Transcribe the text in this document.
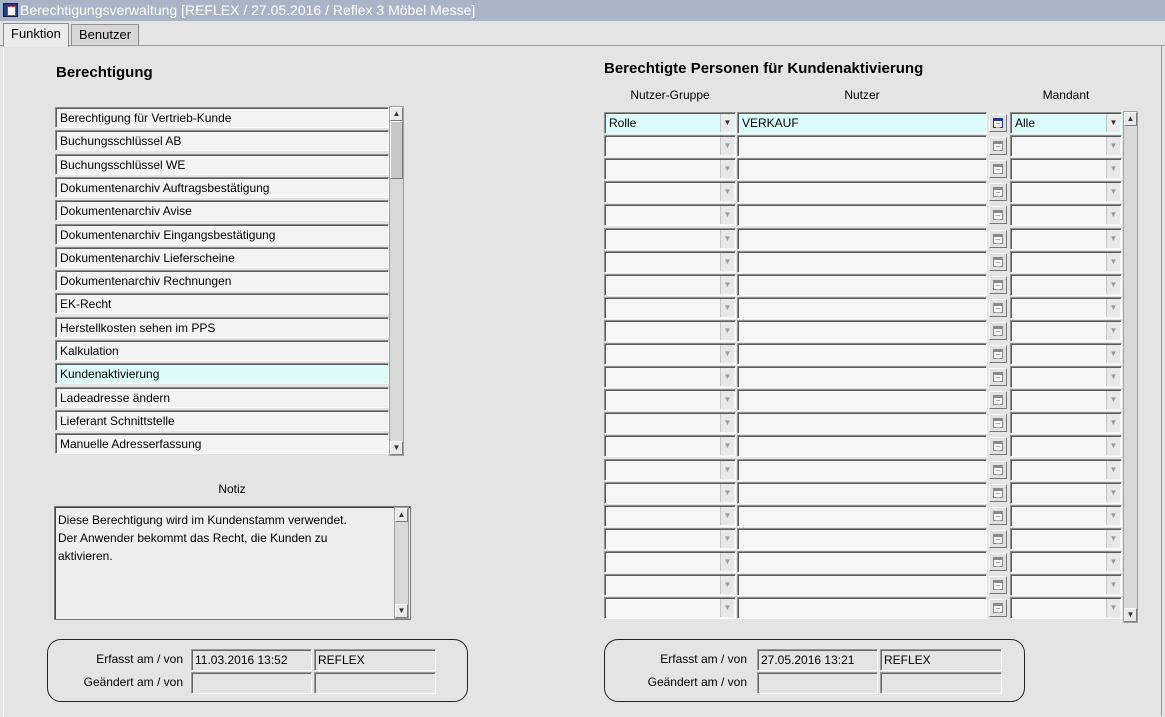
Berechtigungsverwaltung [REFLEX / 27.05.2016 / Reflex 3 Möbel Messe]
Funktion	Benutzer
Berechtigung
Berechtigung für Vertrieb-Kunde
Buchungsschlüssel AB
Buchungsschlüssel WE
Dokumentenarchiv Auftragsbestätigung
Dokumentenarchiv Avise
Dokumentenarchiv Eingangsbestätigung
Dokumentenarchiv Lieferscheine
Dokumentenarchiv Rechnungen
EK-Recht
Herstellkosten sehen im PPS
Kalkulation
Kundenaktivierung
Ladeadresse ändern
Lieferant Schnittstelle
Manuelle Adresserfassung
▲
▼
Notiz
Diese Berechtigung wird im Kundenstamm verwendet.
Der Anwender bekommt das Recht, die Kunden zu
aktivieren.
▲
▼
Erfasst am / von
Geändert am / von
11.03.2016 13:52	REFLEX
Berechtigte Personen für Kundenaktivierung
Nutzer-Gruppe	Nutzer	Mandant
Rolle	▼ VERKAUF	Alle	▼
▼	▼
▼	▼
▼	▼
▼	▼
▼	▼
▼	▼
▼	▼
▼	▼
▼	▼
▼	▼
▼	▼
▼	▼
▼	▼
▼	▼
▼	▼
▼	▼
▼	▼
▼	▼
▼	▼
▼	▼
▼	▼
▲
▼
Erfasst am / von
Geändert am / von
27.05.2016 13:21	REFLEX
